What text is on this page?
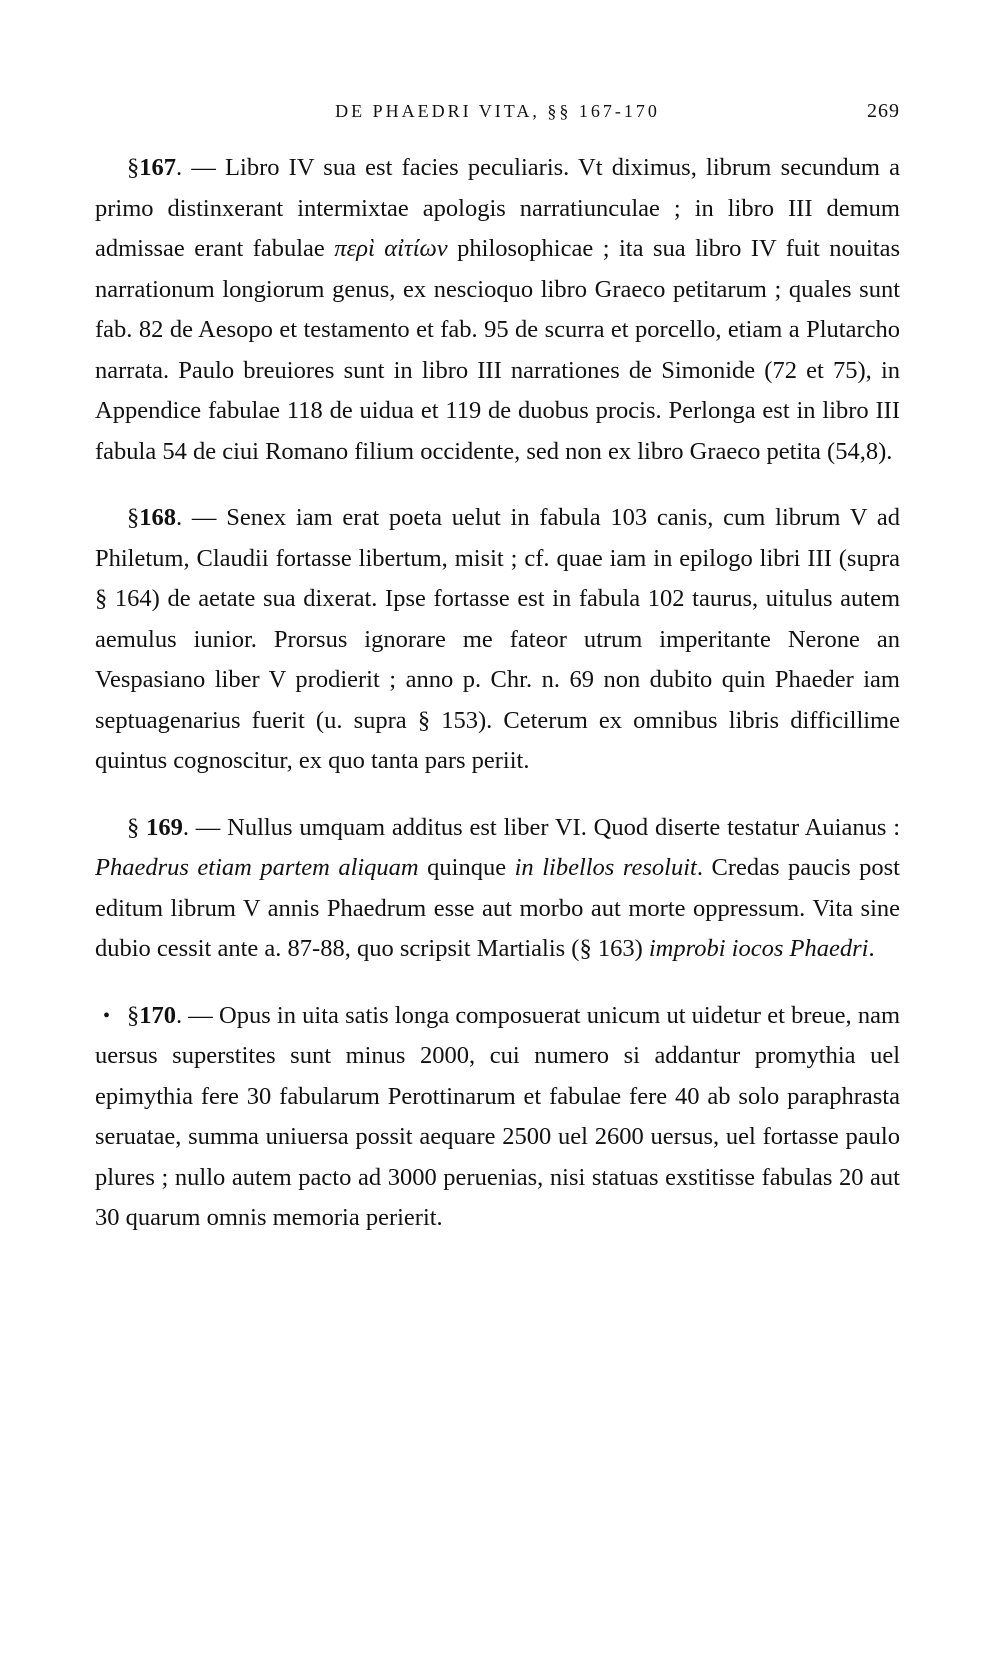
DE PHAEDRI VITA, §§ 167-170	269

§167. — Libro IV sua est facies peculiaris. Vt diximus, librum secundum a primo distinxerant intermixtae apologis narratiunculae ; in libro III demum admissae erant fabulae περὶ αἰτίων philosophicae ; ita sua libro IV fuit nouitas narrationum longiorum genus, ex nescioquo libro Graeco petitarum ; quales sunt fab. 82 de Aesopo et testamento et fab. 95 de scurra et porcello, etiam a Plutarcho narrata. Paulo breuiores sunt in libro III narrationes de Simonide (72 et 75), in Appendice fabulae 118 de uidua et 119 de duobus procis. Perlonga est in libro III fabula 54 de ciui Romano filium occidente, sed non ex libro Graeco petita (54,8).

§168. — Senex iam erat poeta uelut in fabula 103 canis, cum librum V ad Philetum, Claudii fortasse libertum, misit ; cf. quae iam in epilogo libri III (supra § 164) de aetate sua dixerat. Ipse fortasse est in fabula 102 taurus, uitulus autem aemulus iunior. Prorsus ignorare me fateor utrum imperitante Nerone an Vespasiano liber V prodierit ; anno p. Chr. n. 69 non dubito quin Phaeder iam septuagenarius fuerit (u. supra § 153). Ceterum ex omnibus libris difficillime quintus cognoscitur, ex quo tanta pars periit.

§ 169. — Nullus umquam additus est liber VI. Quod diserte testatur Auianus : Phaedrus etiam partem aliquam quinque in libellos resoluit. Credas paucis post editum librum V annis Phaedrum esse aut morbo aut morte oppressum. Vita sine dubio cessit ante a. 87-88, quo scripsit Martialis (§ 163) improbi iocos Phaedri.

• §170. — Opus in uita satis longa composuerat unicum ut uidetur et breue, nam uersus superstites sunt minus 2000, cui numero si addantur promythia uel epimythia fere 30 fabularum Perottinarum et fabulae fere 40 ab solo paraphrasta seruatae, summa uniuersa possit aequare 2500 uel 2600 uersus, uel fortasse paulo plures ; nullo autem pacto ad 3000 peruenias, nisi statuas exstitisse fabulas 20 aut 30 quarum omnis memoria perierit.
